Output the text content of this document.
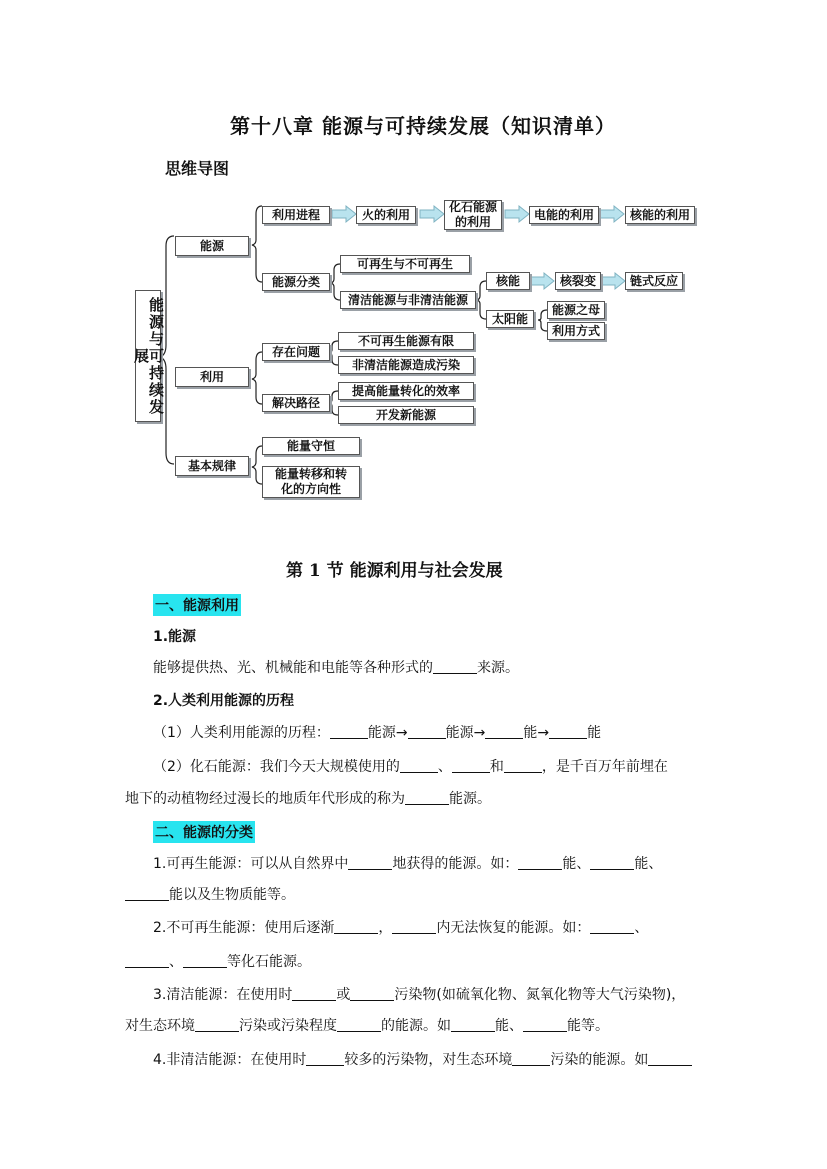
第十八章 能源与可持续发展（知识清单）
思维导图
能源与可持续发展
能源
利用
基本规律
利用进程	火的利用
化石能源的利用
电能的利用	核能的利用
能源分类
可再生与不可再生
清洁能源与非清洁能源
核能	核裂变	链式反应
太阳能
能源之母
利用方式
存在问题
不可再生能源有限
非清洁能源造成污染
解决路径
提高能量转化的效率
开发新能源
能量守恒
能量转移和转化的方向性
第 1 节 能源利用与社会发展
一、能源利用
1.能源
能够提供热、光、机械能和电能等各种形式的	来源。
2.人类利用能源的历程
（1）人类利用能源的历程：	能源→	能源→	能→	能
（2）化石能源：我们今天大规模使用的	、	和	，是千百万年前埋在
地下的动植物经过漫长的地质年代形成的称为	能源。
二、能源的分类
1.可再生能源：可以从自然界中	地获得的能源。如：	能、	能、
能以及生物质能等。
2.不可再生能源：使用后逐渐	，	内无法恢复的能源。如：	、
、	等化石能源。
3.清洁能源：在使用时	或	污染物(如硫氧化物、氮氧化物等大气污染物)，
对生态环境	污染或污染程度	的能源。如	能、	能等。
4.非清洁能源：在使用时	较多的污染物，对生态环境	污染的能源。如
